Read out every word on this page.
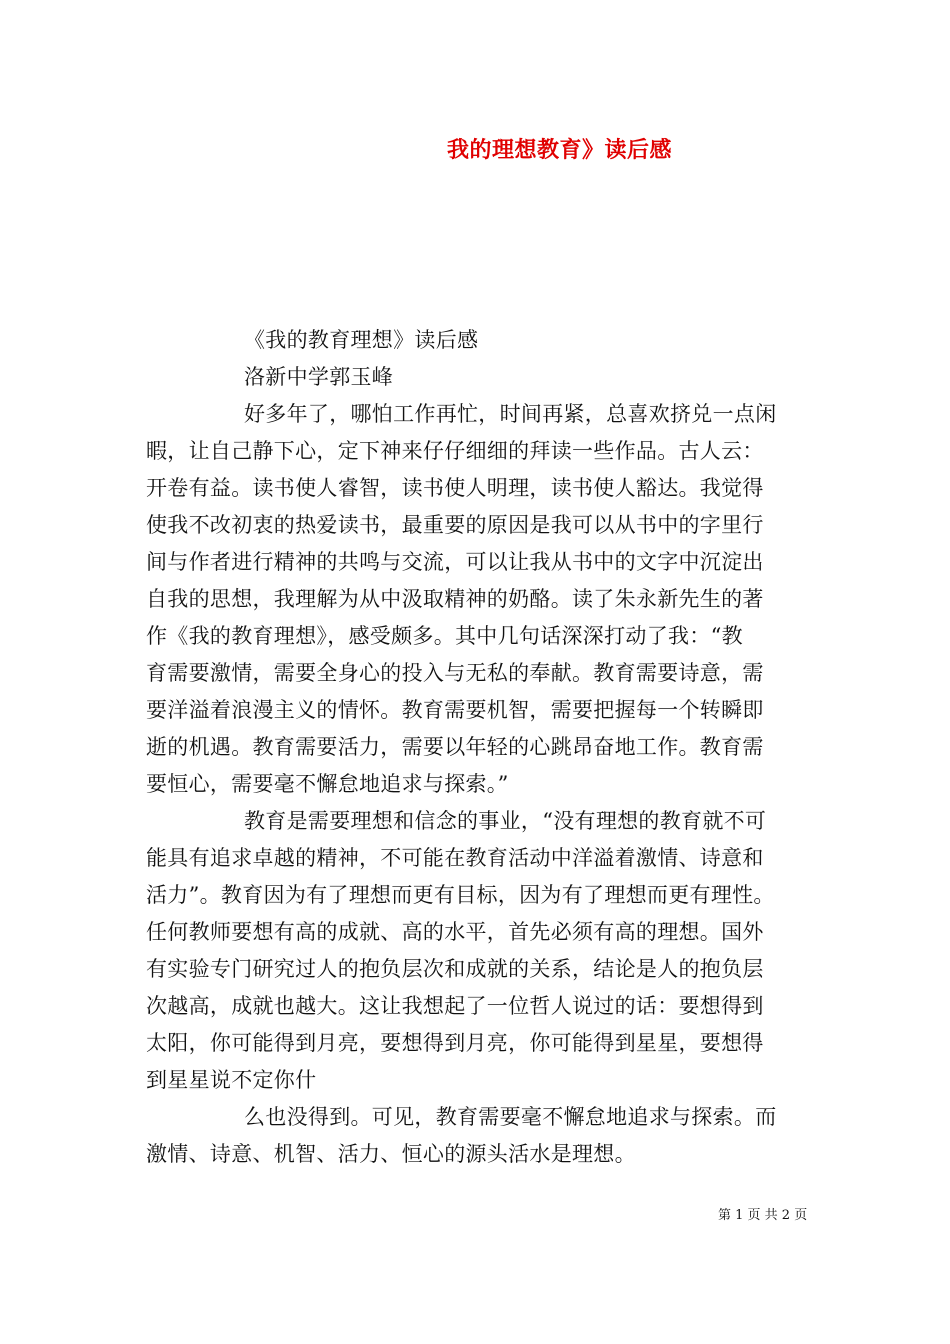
我的理想教育》读后感
《我的教育理想》读后感
洛新中学郭玉峰
好多年了，哪怕工作再忙，时间再紧，总喜欢挤兑一点闲
暇，让自己静下心，定下神来仔仔细细的拜读一些作品。古人云：
开卷有益。读书使人睿智，读书使人明理，读书使人豁达。我觉得
使我不改初衷的热爱读书，最重要的原因是我可以从书中的字里行
间与作者进行精神的共鸣与交流，可以让我从书中的文字中沉淀出
自我的思想，我理解为从中汲取精神的奶酪。读了朱永新先生的著
作《我的教育理想》，感受颇多。其中几句话深深打动了我：“教
育需要激情，需要全身心的投入与无私的奉献。教育需要诗意，需
要洋溢着浪漫主义的情怀。教育需要机智，需要把握每一个转瞬即
逝的机遇。教育需要活力，需要以年轻的心跳昂奋地工作。教育需
要恒心，需要毫不懈怠地追求与探索。”
教育是需要理想和信念的事业，“没有理想的教育就不可
能具有追求卓越的精神，不可能在教育活动中洋溢着激情、诗意和
活力”。教育因为有了理想而更有目标，因为有了理想而更有理性。
任何教师要想有高的成就、高的水平，首先必须有高的理想。国外
有实验专门研究过人的抱负层次和成就的关系，结论是人的抱负层
次越高，成就也越大。这让我想起了一位哲人说过的话：要想得到
太阳，你可能得到月亮，要想得到月亮，你可能得到星星，要想得
到星星说不定你什
么也没得到。可见，教育需要毫不懈怠地追求与探索。而
激情、诗意、机智、活力、恒心的源头活水是理想。
第 1 页 共 2 页
